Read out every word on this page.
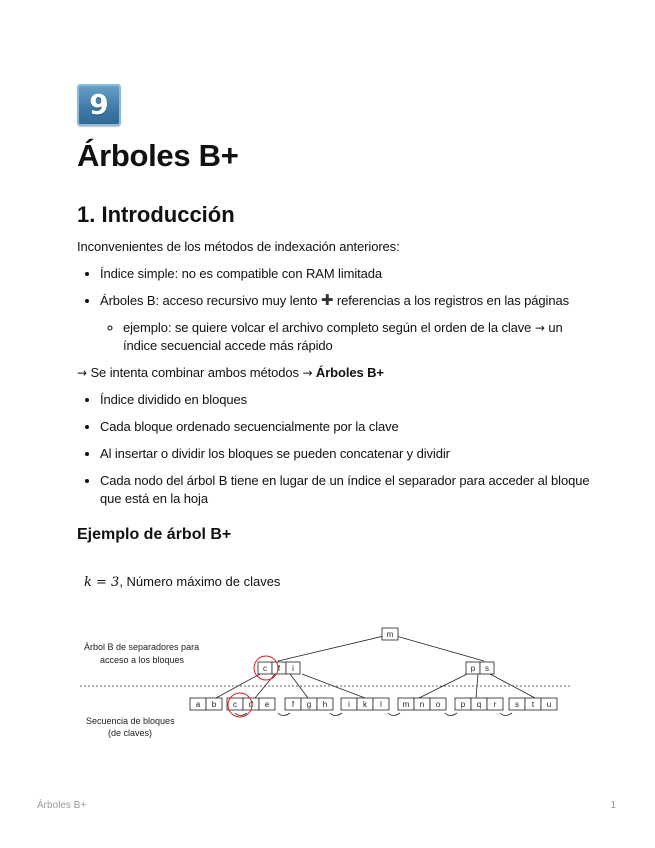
9
Árboles B+
1. Introducción

Inconvenientes de los métodos de indexación anteriores:

• Índice simple: no es compatible con RAM limitada
• Árboles B: acceso recursivo muy lento ✚ referencias a los registros en las páginas
◦ ejemplo: se quiere volcar el archivo completo según el orden de la clave → un índice secuencial accede más rápido

→ Se intenta combinar ambos métodos → Árboles B+

• Índice dividido en bloques
• Cada bloque ordenado secuencialmente por la clave
• Al insertar o dividir los bloques se pueden concatenar y dividir
• Cada nodo del árbol B tiene en lugar de un índice el separador para acceder al bloque que está en la hoja
Ejemplo de árbol B+
k = 3, Número máximo de claves
Árbol B de separadores para
acceso a los bloques
Secuencia de bloques
(de claves)
m
c f i	p s
a b c d e	f g h	i k l	m n o	p q r s t u
Árboles B+	1
